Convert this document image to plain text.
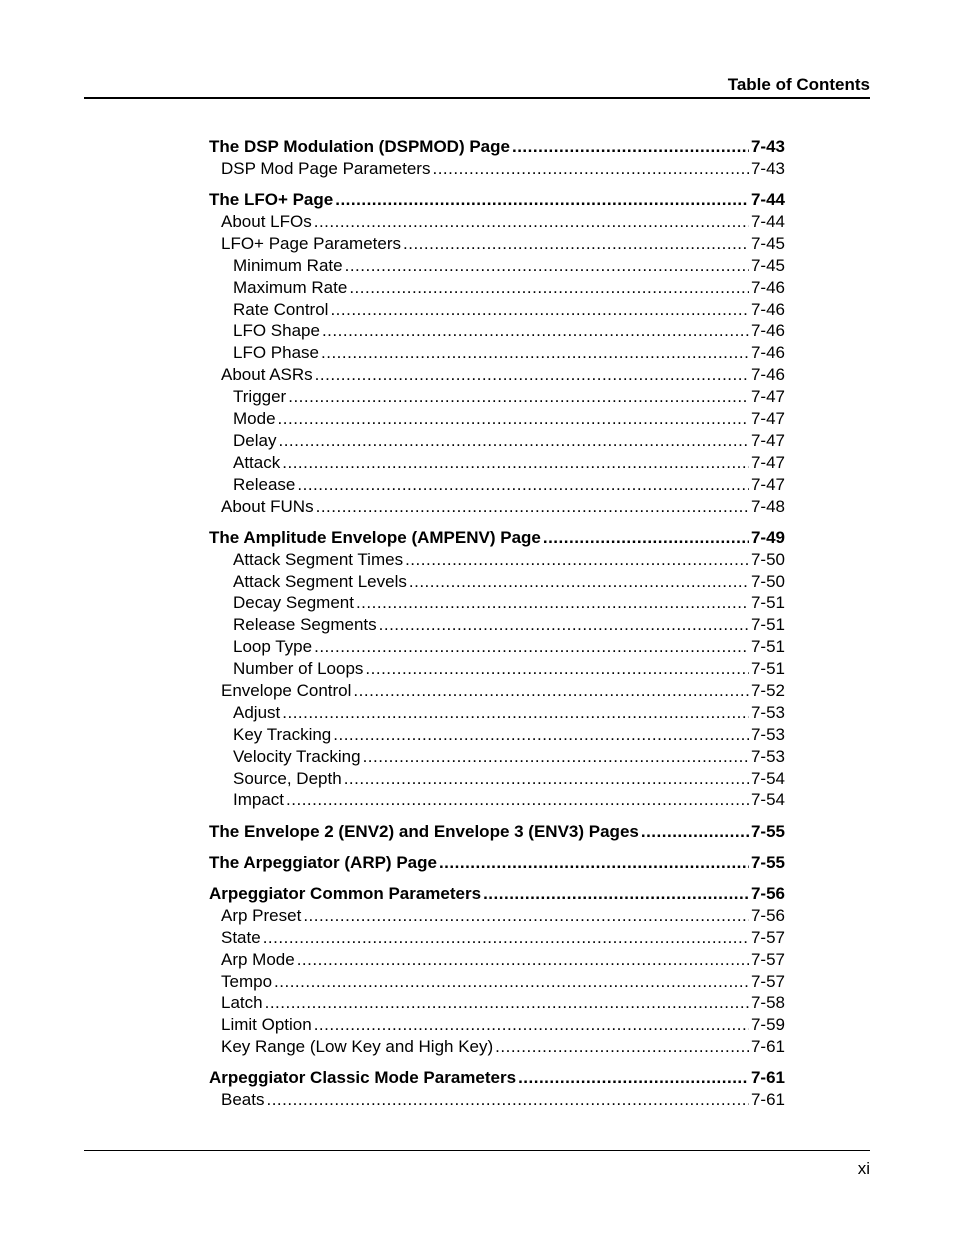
Table of Contents
The DSP Modulation (DSPMOD) Page .....	7-43
DSP Mod Page Parameters .....	7-43
The LFO+ Page .....	7-44
About LFOs .....	7-44
LFO+ Page Parameters .....	7-45
Minimum Rate .....	7-45
Maximum Rate .....	7-46
Rate Control .....	7-46
LFO Shape .....	7-46
LFO Phase .....	7-46
About ASRs .....	7-46
Trigger .....	7-47
Mode .....	7-47
Delay .....	7-47
Attack .....	7-47
Release .....	7-47
About FUNs .....	7-48
The Amplitude Envelope (AMPENV) Page .....	7-49
Attack Segment Times .....	7-50
Attack Segment Levels .....	7-50
Decay Segment .....	7-51
Release Segments .....	7-51
Loop Type .....	7-51
Number of Loops .....	7-51
Envelope Control .....	7-52
Adjust .....	7-53
Key Tracking .....	7-53
Velocity Tracking .....	7-53
Source, Depth .....	7-54
Impact .....	7-54
The Envelope 2 (ENV2) and Envelope 3 (ENV3) Pages .....	7-55
The Arpeggiator (ARP) Page .....	7-55
Arpeggiator Common Parameters .....	7-56
Arp Preset .....	7-56
State .....	7-57
Arp Mode .....	7-57
Tempo .....	7-57
Latch .....	7-58
Limit Option .....	7-59
Key Range (Low Key and High Key) .....	7-61
Arpeggiator Classic Mode Parameters .....	7-61
Beats .....	7-61
xi
